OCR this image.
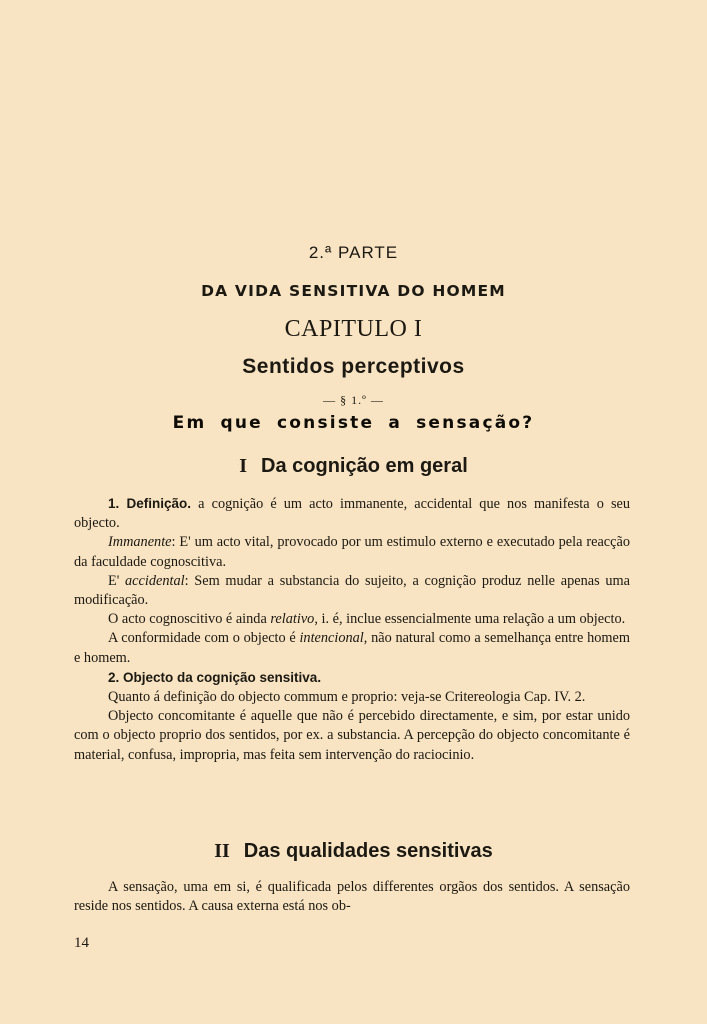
2.ª PARTE
DA VIDA SENSITIVA DO HOMEM
CAPITULO I
Sentidos perceptivos
— § 1.º —
Em que consiste a sensação?
I Da cognição em geral

1. Definição. a cognição é um acto immanente, accidental que nos manifesta o seu objecto.

Immanente: E' um acto vital, provocado por um estimulo externo e executado pela reacção da faculdade cognoscitiva.

E' accidental: Sem mudar a substancia do sujeito, a cognição produz nelle apenas uma modificação.

O acto cognoscitivo é ainda relativo, i. é, inclue essencialmente uma relação a um objecto.

A conformidade com o objecto é intencional, não natural como a semelhança entre homem e homem.

2. Objecto da cognição sensitiva.

Quanto á definição do objecto commum e proprio: veja-se Critereologia Cap. IV. 2.

Objecto concomitante é aquelle que não é percebido directamente, e sim, por estar unido com o objecto proprio dos sentidos, por ex. a substancia. A percepção do objecto concomitante é material, confusa, impropria, mas feita sem intervenção do raciocinio.

II Das qualidades sensitivas

A sensação, uma em si, é qualificada pelos differentes orgãos dos sentidos. A sensação reside nos sentidos. A causa externa está nos ob-

14
